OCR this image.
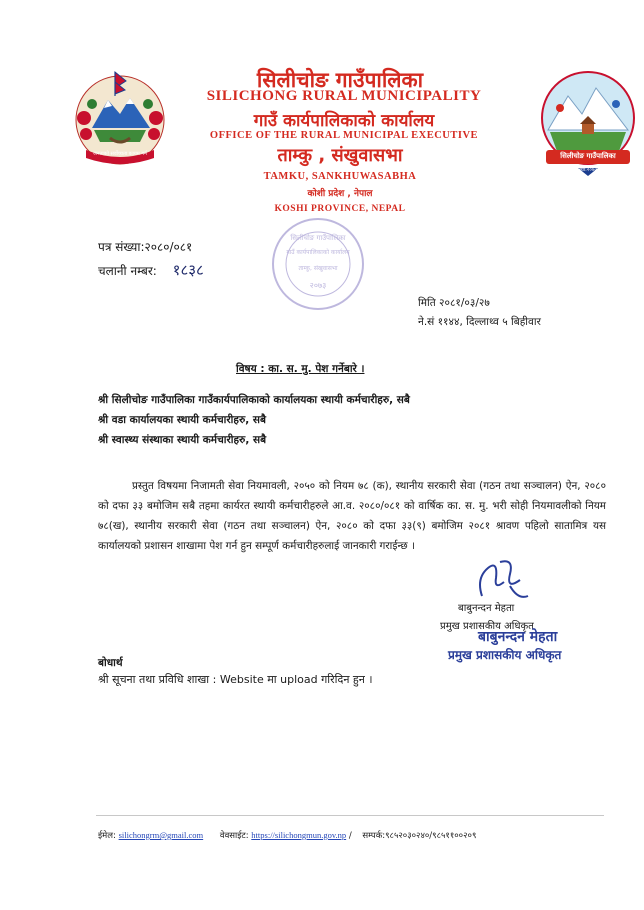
जनताको सर्वोच्चता कायम गर्न	सिलीचोङ गाउँपालिका
स्था:२०७३
सिलीचोङ गाउँपालिका
SILICHONG RURAL MUNICIPALITY
गाउँ कार्यपालिकाको कार्यालय
OFFICE OF THE RURAL MUNICIPAL EXECUTIVE
ताम्कु , संखुवासभा
TAMKU, SANKHUWASABHA
कोशी प्रदेश , नेपाल
KOSHI PROVINCE, NEPAL
सिलीचोङ गाउँपालिका
गाउँ कार्यपालिकाको कार्यालय
ताम्कु, संखुवासभा
२०७३
पत्र संख्या:२०८०/०८१
चलानी नम्बर: १८३८
मिति २०८१/०३/२७
ने.सं ११४४, दिल्लाथ्व ५ बिहीवार
विषय : का. स. मु. पेश गर्नेबारे ।
श्री सिलीचोङ गाउँपालिका गाउँकार्यपालिकाको कार्यालयका स्थायी कर्मचारीहरु, सबै
श्री वडा कार्यालयका स्थायी कर्मचारीहरु, सबै
श्री स्वास्थ्य संस्थाका स्थायी कर्मचारीहरु, सबै
प्रस्तुत विषयमा निजामती सेवा नियमावली, २०५० को नियम ७८ (क), स्थानीय सरकारी सेवा (गठन तथा सञ्चालन) ऐन, २०८० को दफा ३३ बमोजिम सबै तहमा कार्यरत स्थायी कर्मचारीहरुले आ.व. २०८०/०८१ को वार्षिक का. स. मु. भरी सोही नियमावलीको नियम ७८(ख), स्थानीय सरकारी सेवा (गठन तथा सञ्चालन) ऐन, २०८० को दफा ३३(९) बमोजिम २०८१ श्रावण पहिलो सातामित्र यस कार्यालयको प्रशासन शाखामा पेश गर्न हुन सम्पूर्ण कर्मचारीहरुलाई जानकारी गराईन्छ ।
बाबुनन्दन मेहता
प्रमुख प्रशासकीय अधिकृत
बाबुनन्दन मेहता
प्रमुख प्रशासकीय अधिकृत
बोधार्थ
श्री सूचना तथा प्रविधि शाखा : Website मा upload गरिदिन हुन ।
ईमेल: silichongrm@gmail.com वेवसाईट: https://silichongmun.gov.np / सम्पर्क:९८५२०३०२४०/९८५११००२०९
